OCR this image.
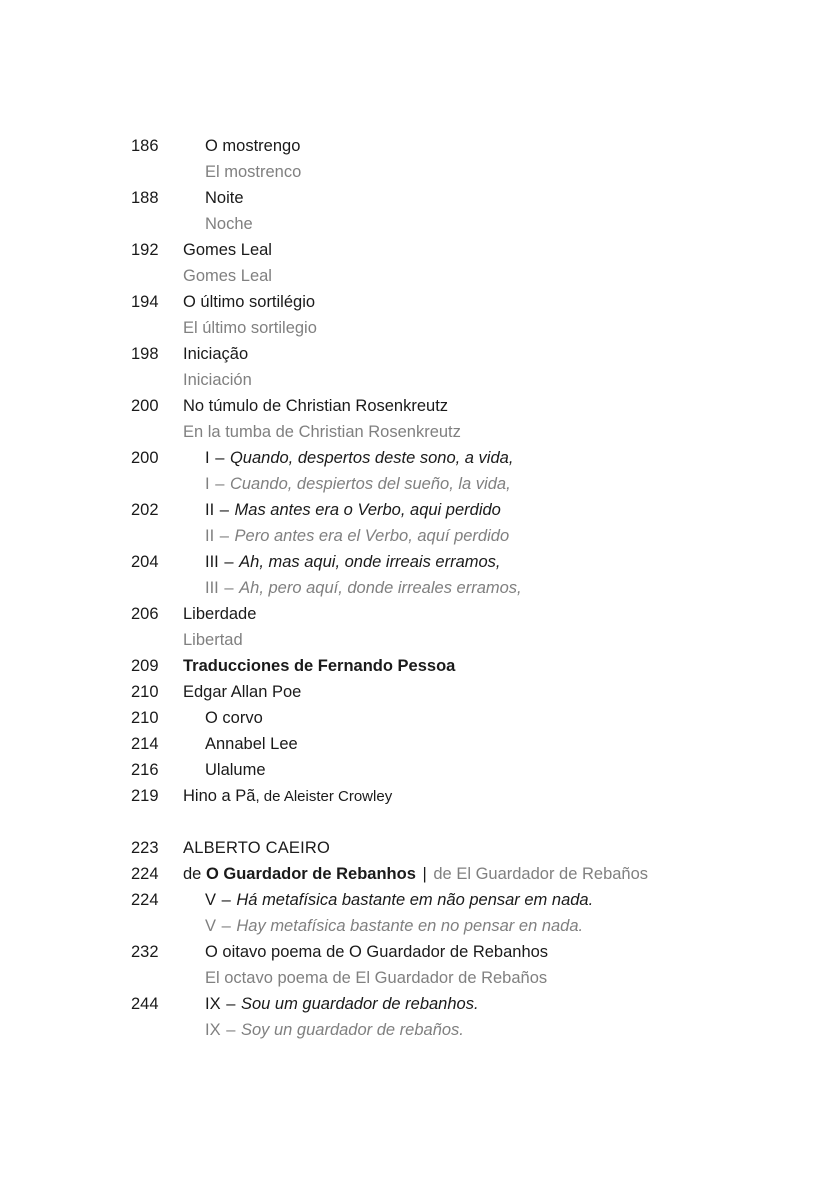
186	O mostrengo
El mostrenco
188	Noite
Noche
192 Gomes Leal
Gomes Leal
194 O último sortilégio
El último sortilegio
198 Iniciação
Iniciación
200 No túmulo de Christian Rosenkreutz
En la tumba de Christian Rosenkreutz
200	I – Quando, despertos deste sono, a vida,
I – Cuando, despiertos del sueño, la vida,
202	II – Mas antes era o Verbo, aqui perdido
II – Pero antes era el Verbo, aquí perdido
204	III – Ah, mas aqui, onde irreais erramos,
III – Ah, pero aquí, donde irreales erramos,
206 Liberdade
Libertad
209 Traducciones de Fernando Pessoa
210 Edgar Allan Poe
210	O corvo
214	Annabel Lee
216	Ulalume
219 Hino a Pã, de Aleister Crowley
223 ALBERTO CAEIRO
224 de O Guardador de Rebanhos | de El Guardador de Rebaños
224	V – Há metafísica bastante em não pensar em nada.
V – Hay metafísica bastante en no pensar en nada.
232	O oitavo poema de O Guardador de Rebanhos
El octavo poema de El Guardador de Rebaños
244	IX – Sou um guardador de rebanhos.
IX – Soy un guardador de rebaños.
